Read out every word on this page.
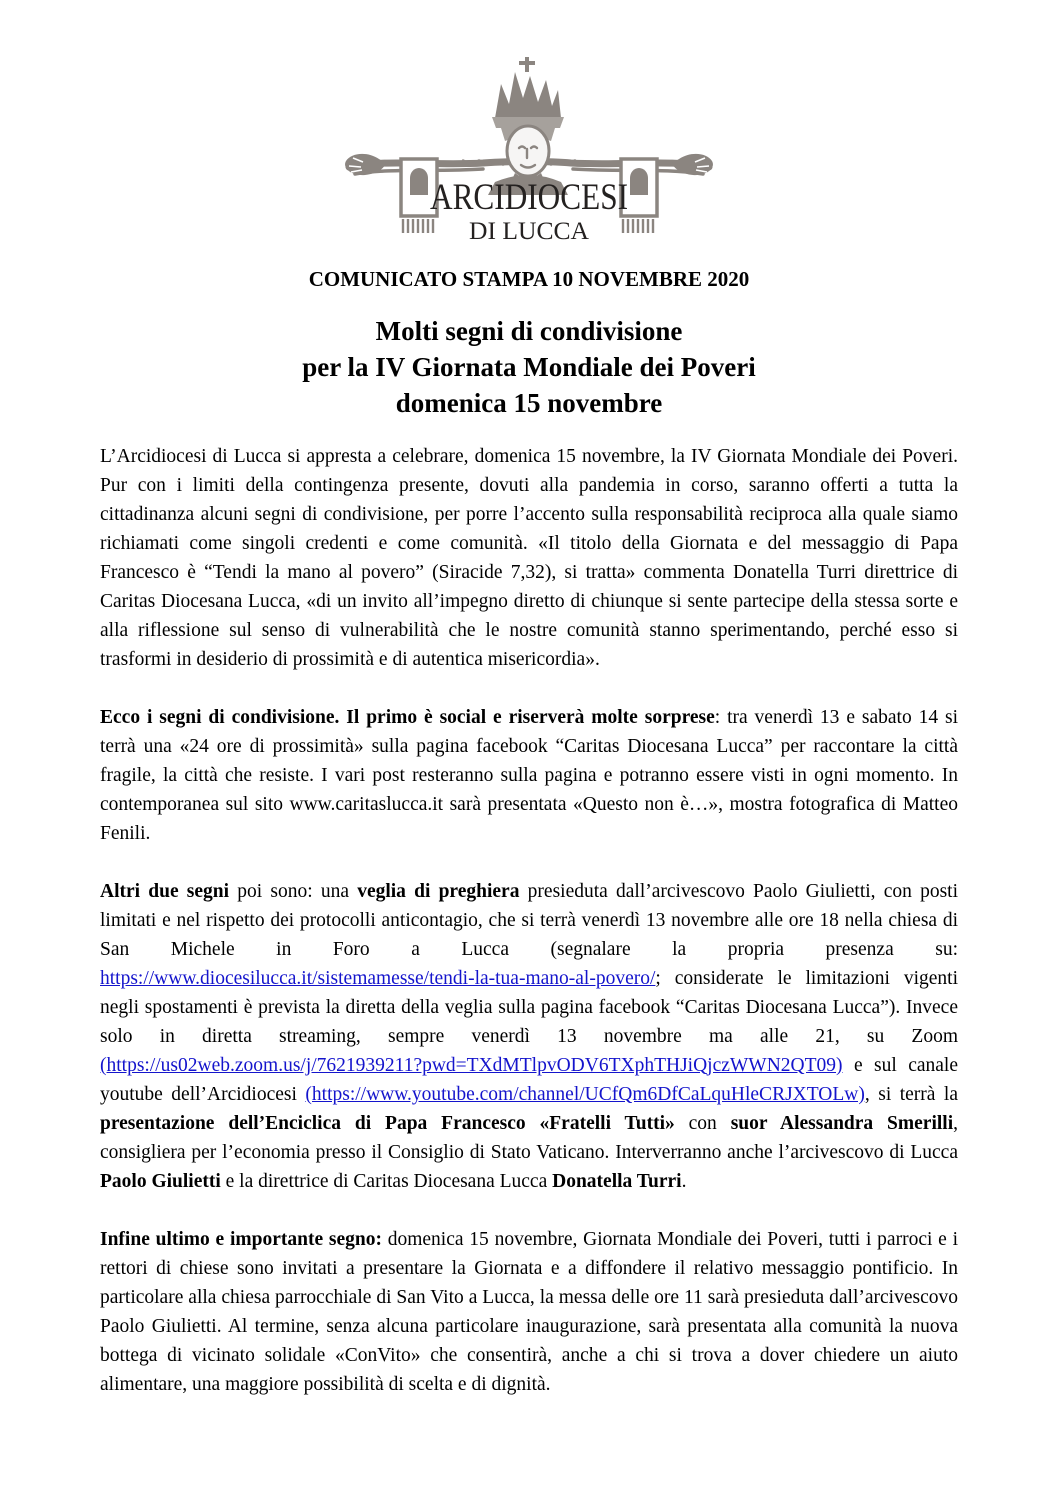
ARCIDIOCESI
DI LUCCA
COMUNICATO STAMPA 10 NOVEMBRE 2020
Molti segni di condivisione
per la IV Giornata Mondiale dei Poveri
domenica 15 novembre

L’Arcidiocesi di Lucca si appresta a celebrare, domenica 15 novembre, la IV Giornata Mondiale dei Poveri. Pur con i limiti della contingenza presente, dovuti alla pandemia in corso, saranno offerti a tutta la cittadinanza alcuni segni di condivisione, per porre l’accento sulla responsabilità reciproca alla quale siamo richiamati come singoli credenti e come comunità. «Il titolo della Giornata e del messaggio di Papa Francesco è “Tendi la mano al povero” (Siracide 7,32), si tratta» commenta Donatella Turri direttrice di Caritas Diocesana Lucca, «di un invito all’impegno diretto di chiunque si sente partecipe della stessa sorte e alla riflessione sul senso di vulnerabilità che le nostre comunità stanno sperimentando, perché esso si trasformi in desiderio di prossimità e di autentica misericordia».

Ecco i segni di condivisione. Il primo è social e riserverà molte sorprese: tra venerdì 13 e sabato 14 si terrà una «24 ore di prossimità» sulla pagina facebook “Caritas Diocesana Lucca” per raccontare la città fragile, la città che resiste. I vari post resteranno sulla pagina e potranno essere visti in ogni momento. In contemporanea sul sito www.caritaslucca.it sarà presentata «Questo non è…», mostra fotografica di Matteo Fenili.

Altri due segni poi sono: una veglia di preghiera presieduta dall’arcivescovo Paolo Giulietti, con posti limitati e nel rispetto dei protocolli anticontagio, che si terrà venerdì 13 novembre alle ore 18 nella chiesa di San Michele in Foro a Lucca (segnalare la propria presenza su: https://www.diocesilucca.it/sistemamesse/tendi-la-tua-mano-al-povero/; considerate le limitazioni vigenti negli spostamenti è prevista la diretta della veglia sulla pagina facebook “Caritas Diocesana Lucca”). Invece solo in diretta streaming, sempre venerdì 13 novembre ma alle 21, su Zoom (https://us02web.zoom.us/j/7621939211?pwd=TXdMTlpvODV6TXphTHJiQjczWWN2QT09) e sul canale youtube dell’Arcidiocesi (https://www.youtube.com/channel/UCfQm6DfCaLquHleCRJXTOLw), si terrà la presentazione dell’Enciclica di Papa Francesco «Fratelli Tutti» con suor Alessandra Smerilli, consigliera per l’economia presso il Consiglio di Stato Vaticano. Interverranno anche l’arcivescovo di Lucca Paolo Giulietti e la direttrice di Caritas Diocesana Lucca Donatella Turri.

Infine ultimo e importante segno: domenica 15 novembre, Giornata Mondiale dei Poveri, tutti i parroci e i rettori di chiese sono invitati a presentare la Giornata e a diffondere il relativo messaggio pontificio. In particolare alla chiesa parrocchiale di San Vito a Lucca, la messa delle ore 11 sarà presieduta dall’arcivescovo Paolo Giulietti. Al termine, senza alcuna particolare inaugurazione, sarà presentata alla comunità la nuova bottega di vicinato solidale «ConVito» che consentirà, anche a chi si trova a dover chiedere un aiuto alimentare, una maggiore possibilità di scelta e di dignità.
